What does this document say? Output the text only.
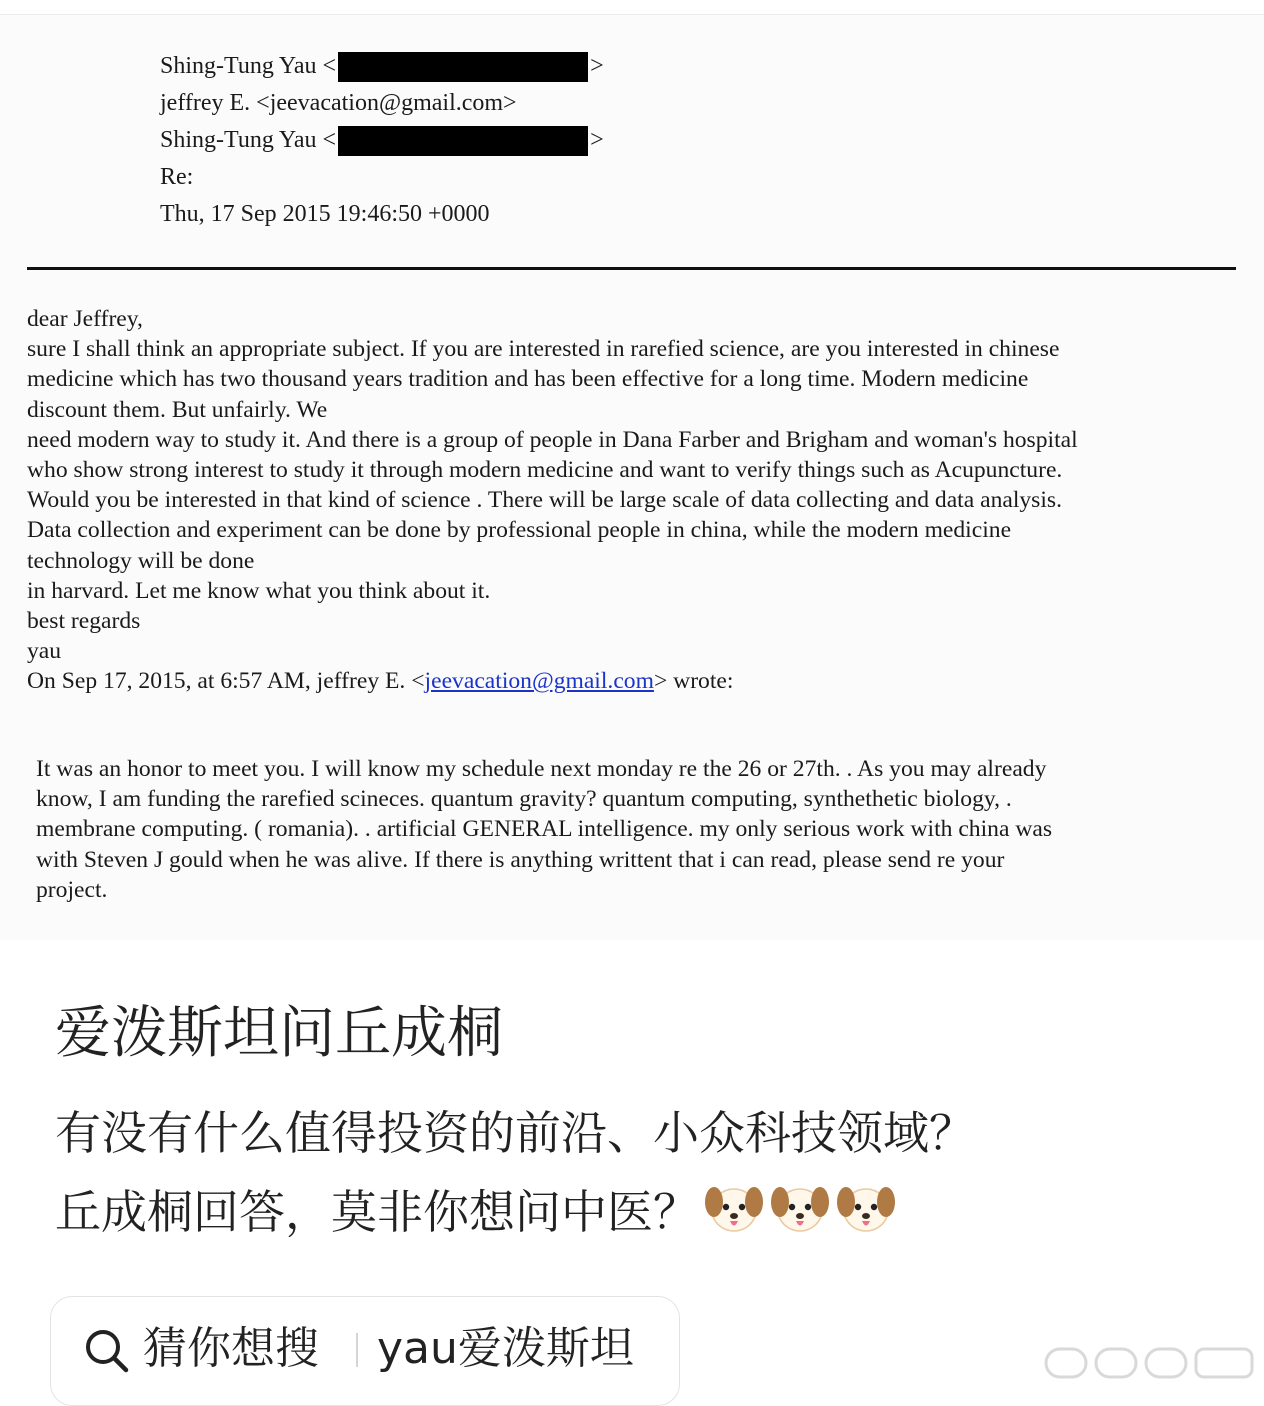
Shing-Tung Yau <	>
jeffrey E. <jeevacation@gmail.com>
Shing-Tung Yau <	>
Re:
Thu, 17 Sep 2015 19:46:50 +0000
dear Jeffrey,
sure I shall think an appropriate subject. If you are interested in rarefied science, are you interested in chinese
medicine which has two thousand years tradition and has been effective for a long time. Modern medicine
discount them. But unfairly. We
need modern way to study it. And there is a group of people in Dana Farber and Brigham and woman's hospital
who show strong interest to study it through modern medicine and want to verify things such as Acupuncture.
Would you be interested in that kind of science . There will be large scale of data collecting and data analysis.
Data collection and experiment can be done by professional people in china, while the modern medicine
technology will be done
in harvard. Let me know what you think about it.
best regards
yau
On Sep 17, 2015, at 6:57 AM, jeffrey E. <jeevacation@gmail.com> wrote:
It was an honor to meet you. I will know my schedule next monday re the 26 or 27th. . As you may already
know, I am funding the rarefied scineces. quantum gravity? quantum computing, synthethetic biology, .
membrane computing. ( romania). . artificial GENERAL intelligence. my only serious work with china was
with Steven J gould when he was alive. If there is anything writtent that i can read, please send re your
project.
爱泼斯坦问丘成桐
有没有什么值得投资的前沿、小众科技领域？
丘成桐回答，莫非你想问中医？
猜你想搜 yau爱泼斯坦
